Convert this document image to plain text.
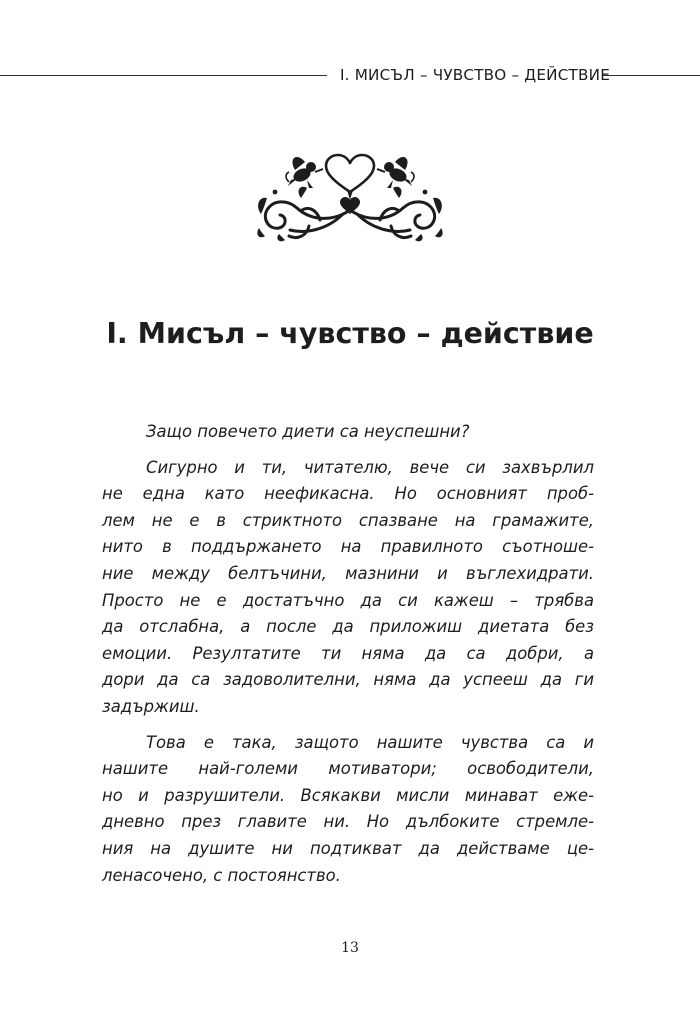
I. МИСЪЛ – ЧУВСТВО – ДЕЙСТВИЕ
I. Мисъл – чувство – действие
Защо повечето диети са неуспешни?
Сигурно и ти, читателю, вече си захвърлил
не една като неефикасна. Но основният проб-
лем не е в стриктното спазване на грамажите,
нито в поддържането на правилното съотноше-
ние между белтъчини, мазнини и въглехидрати.
Просто не е достатъчно да си кажеш – трябва
да отслабна, а после да приложиш диетата без
емоции. Резултатите ти няма да са добри, а
дори да са задоволителни, няма да успееш да ги
задържиш.
Това е така, защото нашите чувства са и
нашите най-големи мотиватори; освободители,
но и разрушители. Всякакви мисли минават еже-
дневно през главите ни. Но дълбоките стремле-
ния на душите ни подтикват да действаме це-
ленасочено, с постоянство.
13
